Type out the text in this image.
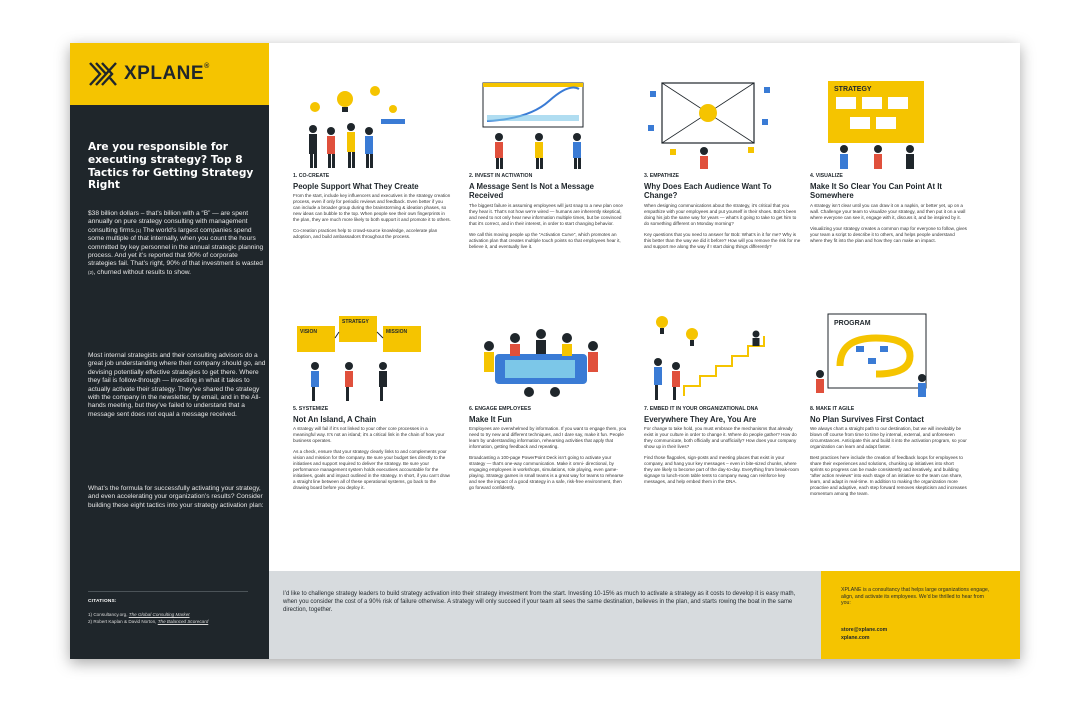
XPLANE®
Are you responsible for executing strategy? Top 8 Tactics for Getting Strategy Right
$38 billion dollars – that’s billion with a “B” — are spent annually on pure strategy consulting with management consulting firms.$^{(1)}$ The world’s largest companies spend some multiple of that internally, when you count the hours committed by key personnel in the annual strategic planning process. And yet it’s reported that 90% of corporate strategies fail. That’s right, 90% of that investment is wasted $^{(2)}$, churned without results to show.
Most internal strategists and their consulting advisors do a great job understanding where their company should go, and devising potentially effective strategies to get there. Where they fail is follow-through — investing in what it takes to actually activate their strategy. They’ve shared the strategy with the company in the newsletter, by email, and in the All-hands meeting, but they’ve failed to understand that a message sent does not equal a message received.
What’s the formula for successfully activating your strategy, and even accelerating your organization’s results? Consider building these eight tactics into your strategy activation plan:
CITATIONS:
1) Consultancy.org, The Global Consulting Market
2) Robert Kaplan & David Norton, The Balanced Scorecard
1. CO-CREATE
People Support What They Create

From the start, include key influencers and executives in the strategy creation process, even if only for periodic reviews and feedback. Even better if you can include a broader group during the brainstorming & ideation phases, so new ideas can bubble to the top. When people see their own fingerprints in the plan, they are much more likely to both support it and promote it to others.

Co-creation practices help to crowd-source knowledge, accelerate plan adoption, and build ambassadors throughout the process.

2. INVEST IN ACTIVATION
A Message Sent Is Not a Message Received

The biggest failure is assuming employees will just snap to a new plan once they hear it. That’s not how we’re wired — humans are inherently skeptical, and need to not only hear new information multiple times, but be convinced that it’s correct, and in their interest, in order to start changing behavior.

We call this moving people up the “Activation Curve”, which promotes an activation plan that creates multiple touch points so that employees hear it, believe it, and eventually live it.

3. EMPATHIZE
Why Does Each Audience Want To Change?

When designing communications about the strategy, it’s critical that you empathize with your employees and put yourself in their shoes. Bob’s been doing his job the same way for years — what’s it going to take to get him to do something different on Monday morning?

Key questions that you need to answer for Bob: What’s in it for me? Why is this better than the way we did it before? How will you remove the risk for me and support me along the way if I start doing things differently?

STRATEGY
4. VISUALIZE
Make It So Clear You Can Point At It Somewhere

A strategy isn’t clear until you can draw it on a napkin, or better yet, up on a wall. Challenge your team to visualize your strategy, and then put it on a wall where everyone can see it, engage with it, discuss it, and be inspired by it.

Visualizing your strategy creates a common map for everyone to follow, gives your team a script to describe it to others, and helps people understand where they fit into the plan and how they can make an impact.

VISION
STRATEGY
MISSION
5. SYSTEMIZE
Not An Island, A Chain

A strategy will fail if it’s not linked to your other core processes in a meaningful way. It’s not an island; it’s a critical link in the chain of how your business operates.

As a check, ensure that your strategy clearly links to and complements your vision and mission for the company. Be sure your budget ties directly to the initiatives and support required to deliver the strategy. Be sure your performance management system holds executives accountable for the initiatives, goals and impact outlined in the strategy. In short, if you can’t draw a straight line between all of these operational systems, go back to the drawing board before you deploy it.

6. ENGAGE EMPLOYEES
Make It Fun

Employees are overwhelmed by information. If you want to engage them, you need to try new and different techniques, and I dare say, make it fun. People learn by understanding information, rehearsing activities that apply that information, getting feedback and repeating.

Broadcasting a 100-page PowerPoint Deck isn’t going to activate your strategy — that’s one-way communication. Make it omni- directional, by engaging employees in workshops, simulations, role playing, even game-playing. Strategy games in small teams is a great way for teams to rehearse and see the impact of a good strategy in a safe, risk-free environment, then go forward confidently.

7. EMBED IT IN YOUR ORGANIZATIONAL DNA
Everywhere They Are, You Are

For change to take hold, you must embrace the mechanisms that already exist in your culture in order to change it. Where do people gather? How do they communicate, both officially and unofficially? How does your company show up in their lives?

Find those flagpoles, sign-posts and meeting places that exist in your company, and hang your key messages – even in bite-sized chunks, where they are likely to become part of the day-to-day. Everything from break-room signage to lunch-room table tents to company swag can reinforce key messages, and help embed them in the DNA.

PROGRAM
8. MAKE IT AGILE
No Plan Survives First Contact

We always chart a straight path to our destination, but we will inevitably be blown off course from time to time by internal, external, and unforeseen circumstances. Anticipate this and build it into the activation program, so your organization can learn and adapt faster.

Best practices here include the creation of feedback loops for employees to share their experiences and solutions, chunking up initiatives into short sprints so progress can be made consistently and iteratively, and building “after action reviews” into each stage of an initiative so the team can share, learn, and adapt in real-time. In addition to making the organization more proactive and adaptive, each step forward removes skepticism and increases momentum among the team.

I’d like to challenge strategy leaders to build strategy activation into their strategy investment from the start. Investing 10-15% as much to activate a strategy as it costs to develop it is easy math, when you consider the cost of a 90% risk of failure otherwise. A strategy will only succeed if your team all sees the same destination, believes in the plan, and starts rowing the boat in the same direction, together.
XPLANE is a consultancy that helps large organizations engage, align, and activate its employees. We’d be thrilled to hear from you:
store@xplane.com
xplane.com
